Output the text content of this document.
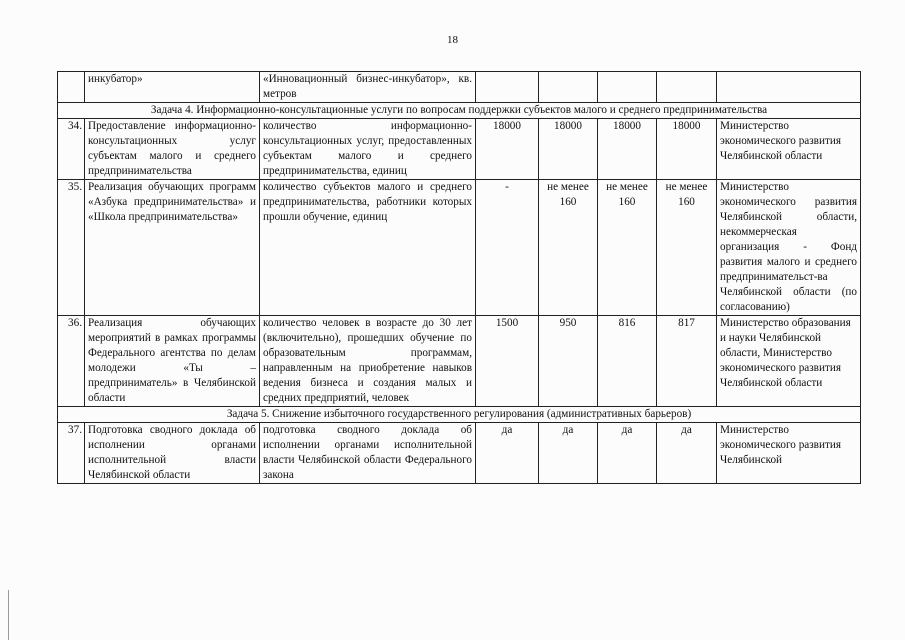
18
	инкубатор»	«Инновационный бизнес-инкубатор», кв. метров					
Задача 4. Информационно-консультационные услуги по вопросам поддержки субъектов малого и среднего предпринимательства							
34.	Предоставление информационно-консультационных услуг субъектам малого и среднего предпринимательства	количество информационно-консультационных услуг, предоставленных субъектам малого и среднего предпринимательства, единиц	18000	18000	18000	18000	Министерство экономического развития Челябинской области
35.	Реализация обучающих программ «Азбука предпринимательства» и «Школа предпринимательства»	количество субъектов малого и среднего предпринимательства, работники которых прошли обучение, единиц	-	не менее 160	не менее 160	не менее 160	Министерство экономического развития Челябинской области, некоммерческая организация - Фонд развития малого и среднего предпринимательст-ва Челябинской области (по согласованию)
36.	Реализация обучающих мероприятий в рамках программы Федерального агентства по делам молодежи «Ты – предприниматель» в Челябинской области	количество человек в возрасте до 30 лет (включительно), прошедших обучение по образовательным программам, направленным на приобретение навыков ведения бизнеса и создания малых и средних предприятий, человек	1500	950	816	817	Министерство образования и науки Челябинской области, Министерство экономического развития Челябинской области
Задача 5. Снижение избыточного государственного регулирования (административных барьеров)							
37.	Подготовка сводного доклада об исполнении органами исполнительной власти Челябинской области	подготовка сводного доклада об исполнении органами исполнительной власти Челябинской области Федерального закона	да	да	да	да	Министерство экономического развития Челябинской
